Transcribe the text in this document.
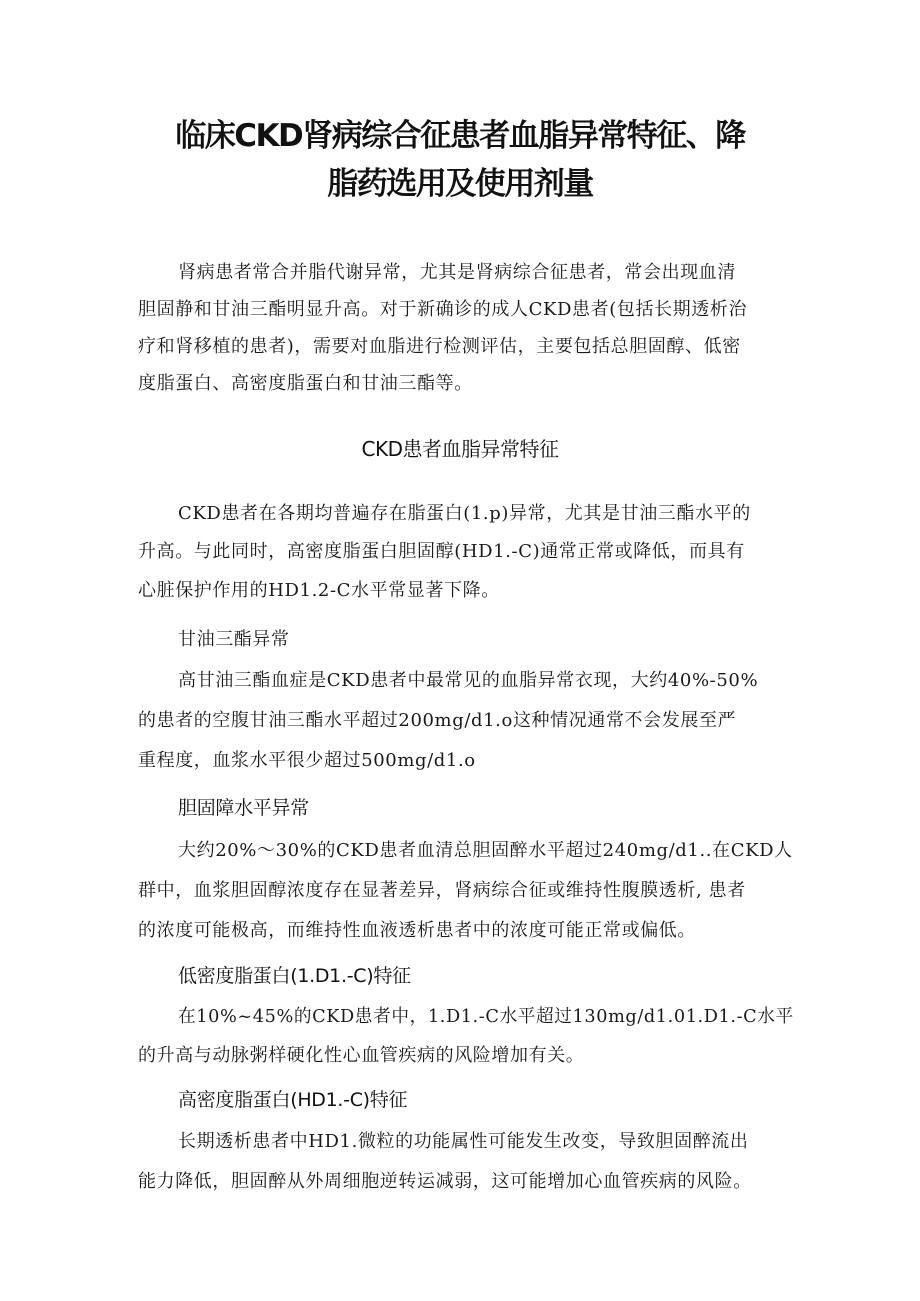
临床CKD肾病综合征患者血脂异常特征、降
脂药选用及使用剂量
肾病患者常合并脂代谢异常，尤其是肾病综合征患者，常会出现血清
胆固静和甘油三酯明显升高。对于新确诊的成人CKD患者(包括长期透析治
疗和肾移植的患者)，需要对血脂进行检测评估，主要包括总胆固醇、低密
度脂蛋白、高密度脂蛋白和甘油三酯等。
CKD患者血脂异常特征
CKD患者在各期均普遍存在脂蛋白(1.p)异常，尤其是甘油三酯水平的
升高。与此同时，高密度脂蛋白胆固醇(HD1.-C)通常正常或降低，而具有
心脏保护作用的HD1.2-C水平常显著下降。
甘油三酯异常
高甘油三酯血症是CKD患者中最常见的血脂异常衣现，大约40%-50%
的患者的空腹甘油三酯水平超过200mg/d1.o这种情况通常不会发展至严
重程度，血浆水平很少超过500mg/d1.o
胆固障水平异常
大约20%～30%的CKD患者血清总胆固醉水平超过240mg/d1..在CKD人
群中，血浆胆固醇浓度存在显著差异，肾病综合征或维持性腹膜透析, 患者
的浓度可能极高，而维持性血液透析患者中的浓度可能正常或偏低。
低密度脂蛋白(1.D1.-C)特征
在10%~45%的CKD患者中，1.D1.-C水平超过130mg/d1.01.D1.-C水平
的升高与动脉粥样硬化性心血管疾病的风险增加有关。
高密度脂蛋白(HD1.-C)特征
长期透析患者中HD1.微粒的功能属性可能发生改变，导致胆固醉流出
能力降低，胆固醉从外周细胞逆转运减弱，这可能增加心血管疾病的风险。
